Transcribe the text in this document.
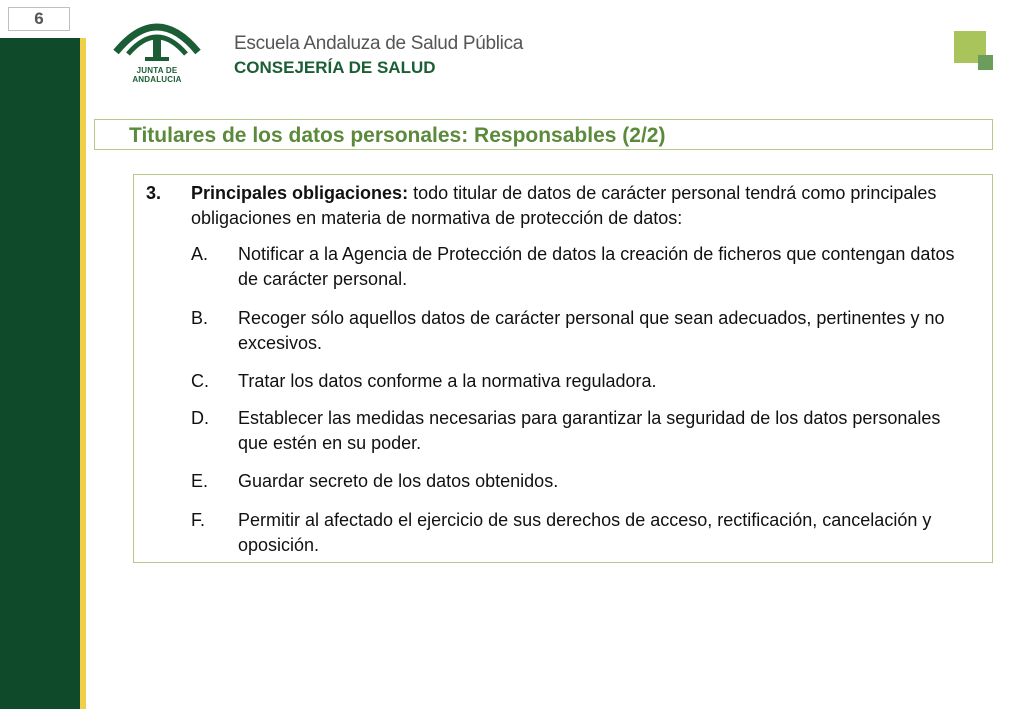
6
JUNTA DE ANDALUCIA
Escuela Andaluza de Salud Pública
CONSEJERÍA DE SALUD
Titulares de los datos personales: Responsables (2/2)
3. Principales obligaciones: todo titular de datos de carácter personal tendrá como principales obligaciones en materia de normativa de protección de datos:
A. Notificar a la Agencia de Protección de datos la creación de ficheros que contengan datos de carácter personal.
B. Recoger sólo aquellos datos de carácter personal que sean adecuados, pertinentes y no excesivos.
C. Tratar los datos conforme a la normativa reguladora.
D. Establecer las medidas necesarias para garantizar la seguridad de los datos personales que estén en su poder.
E. Guardar secreto de los datos obtenidos.
F. Permitir al afectado el ejercicio de sus derechos de acceso, rectificación, cancelación y oposición.
